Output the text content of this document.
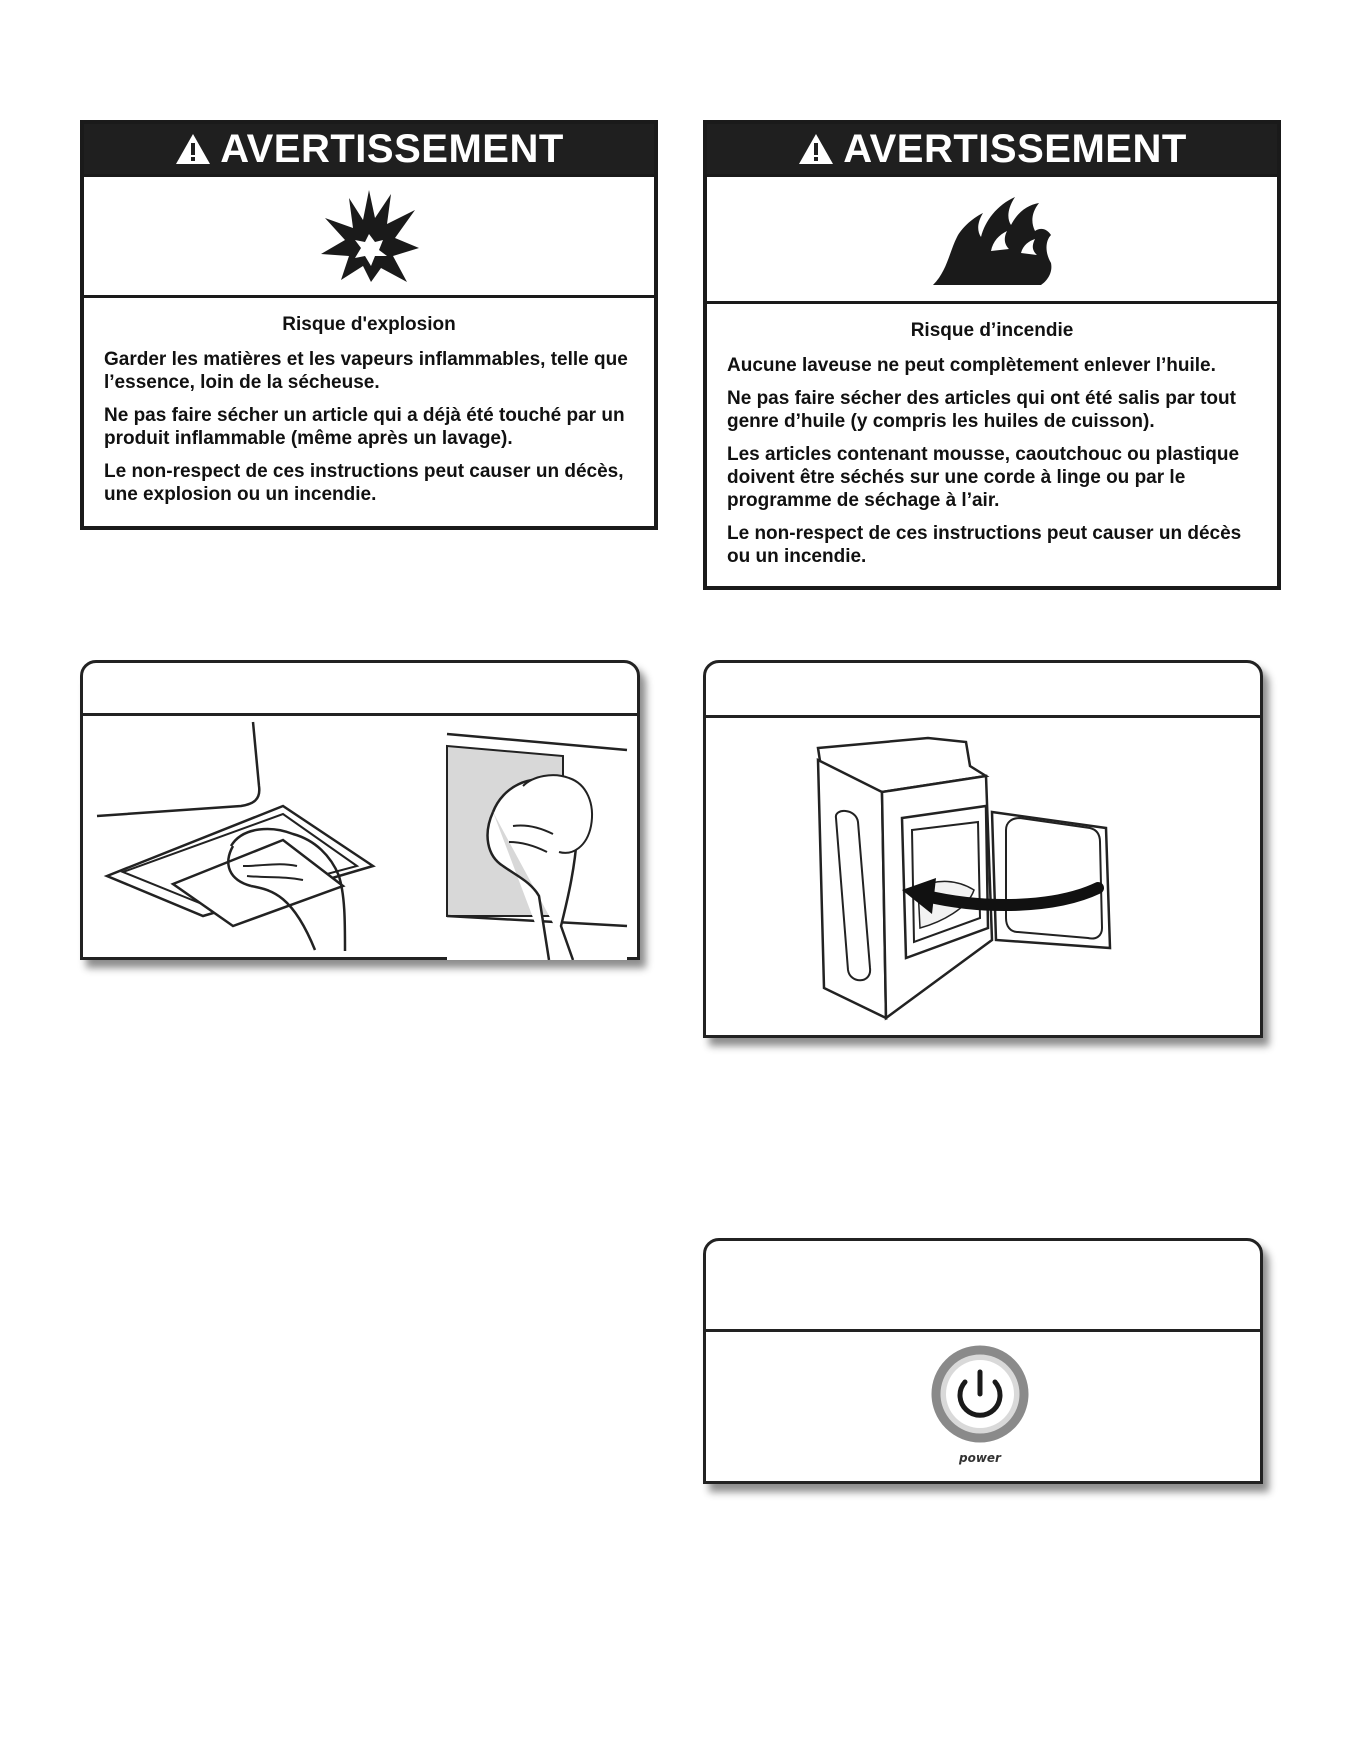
AVERTISSEMENT

Risque d'explosion

Garder les matières et les vapeurs inflammables, telle que l’essence, loin de la sécheuse.

Ne pas faire sécher un article qui a déjà été touché par un produit inflammable (même après un lavage).

Le non-respect de ces instructions peut causer un décès, une explosion ou un incendie.

AVERTISSEMENT

Risque d’incendie

Aucune laveuse ne peut complètement enlever l’huile.

Ne pas faire sécher des articles qui ont été salis par tout genre d’huile (y compris les huiles de cuisson).

Les articles contenant mousse, caoutchouc ou plastique doivent être séchés sur une corde à linge ou par le programme de séchage à l’air.

Le non-respect de ces instructions peut causer un décès ou un incendie.

power
